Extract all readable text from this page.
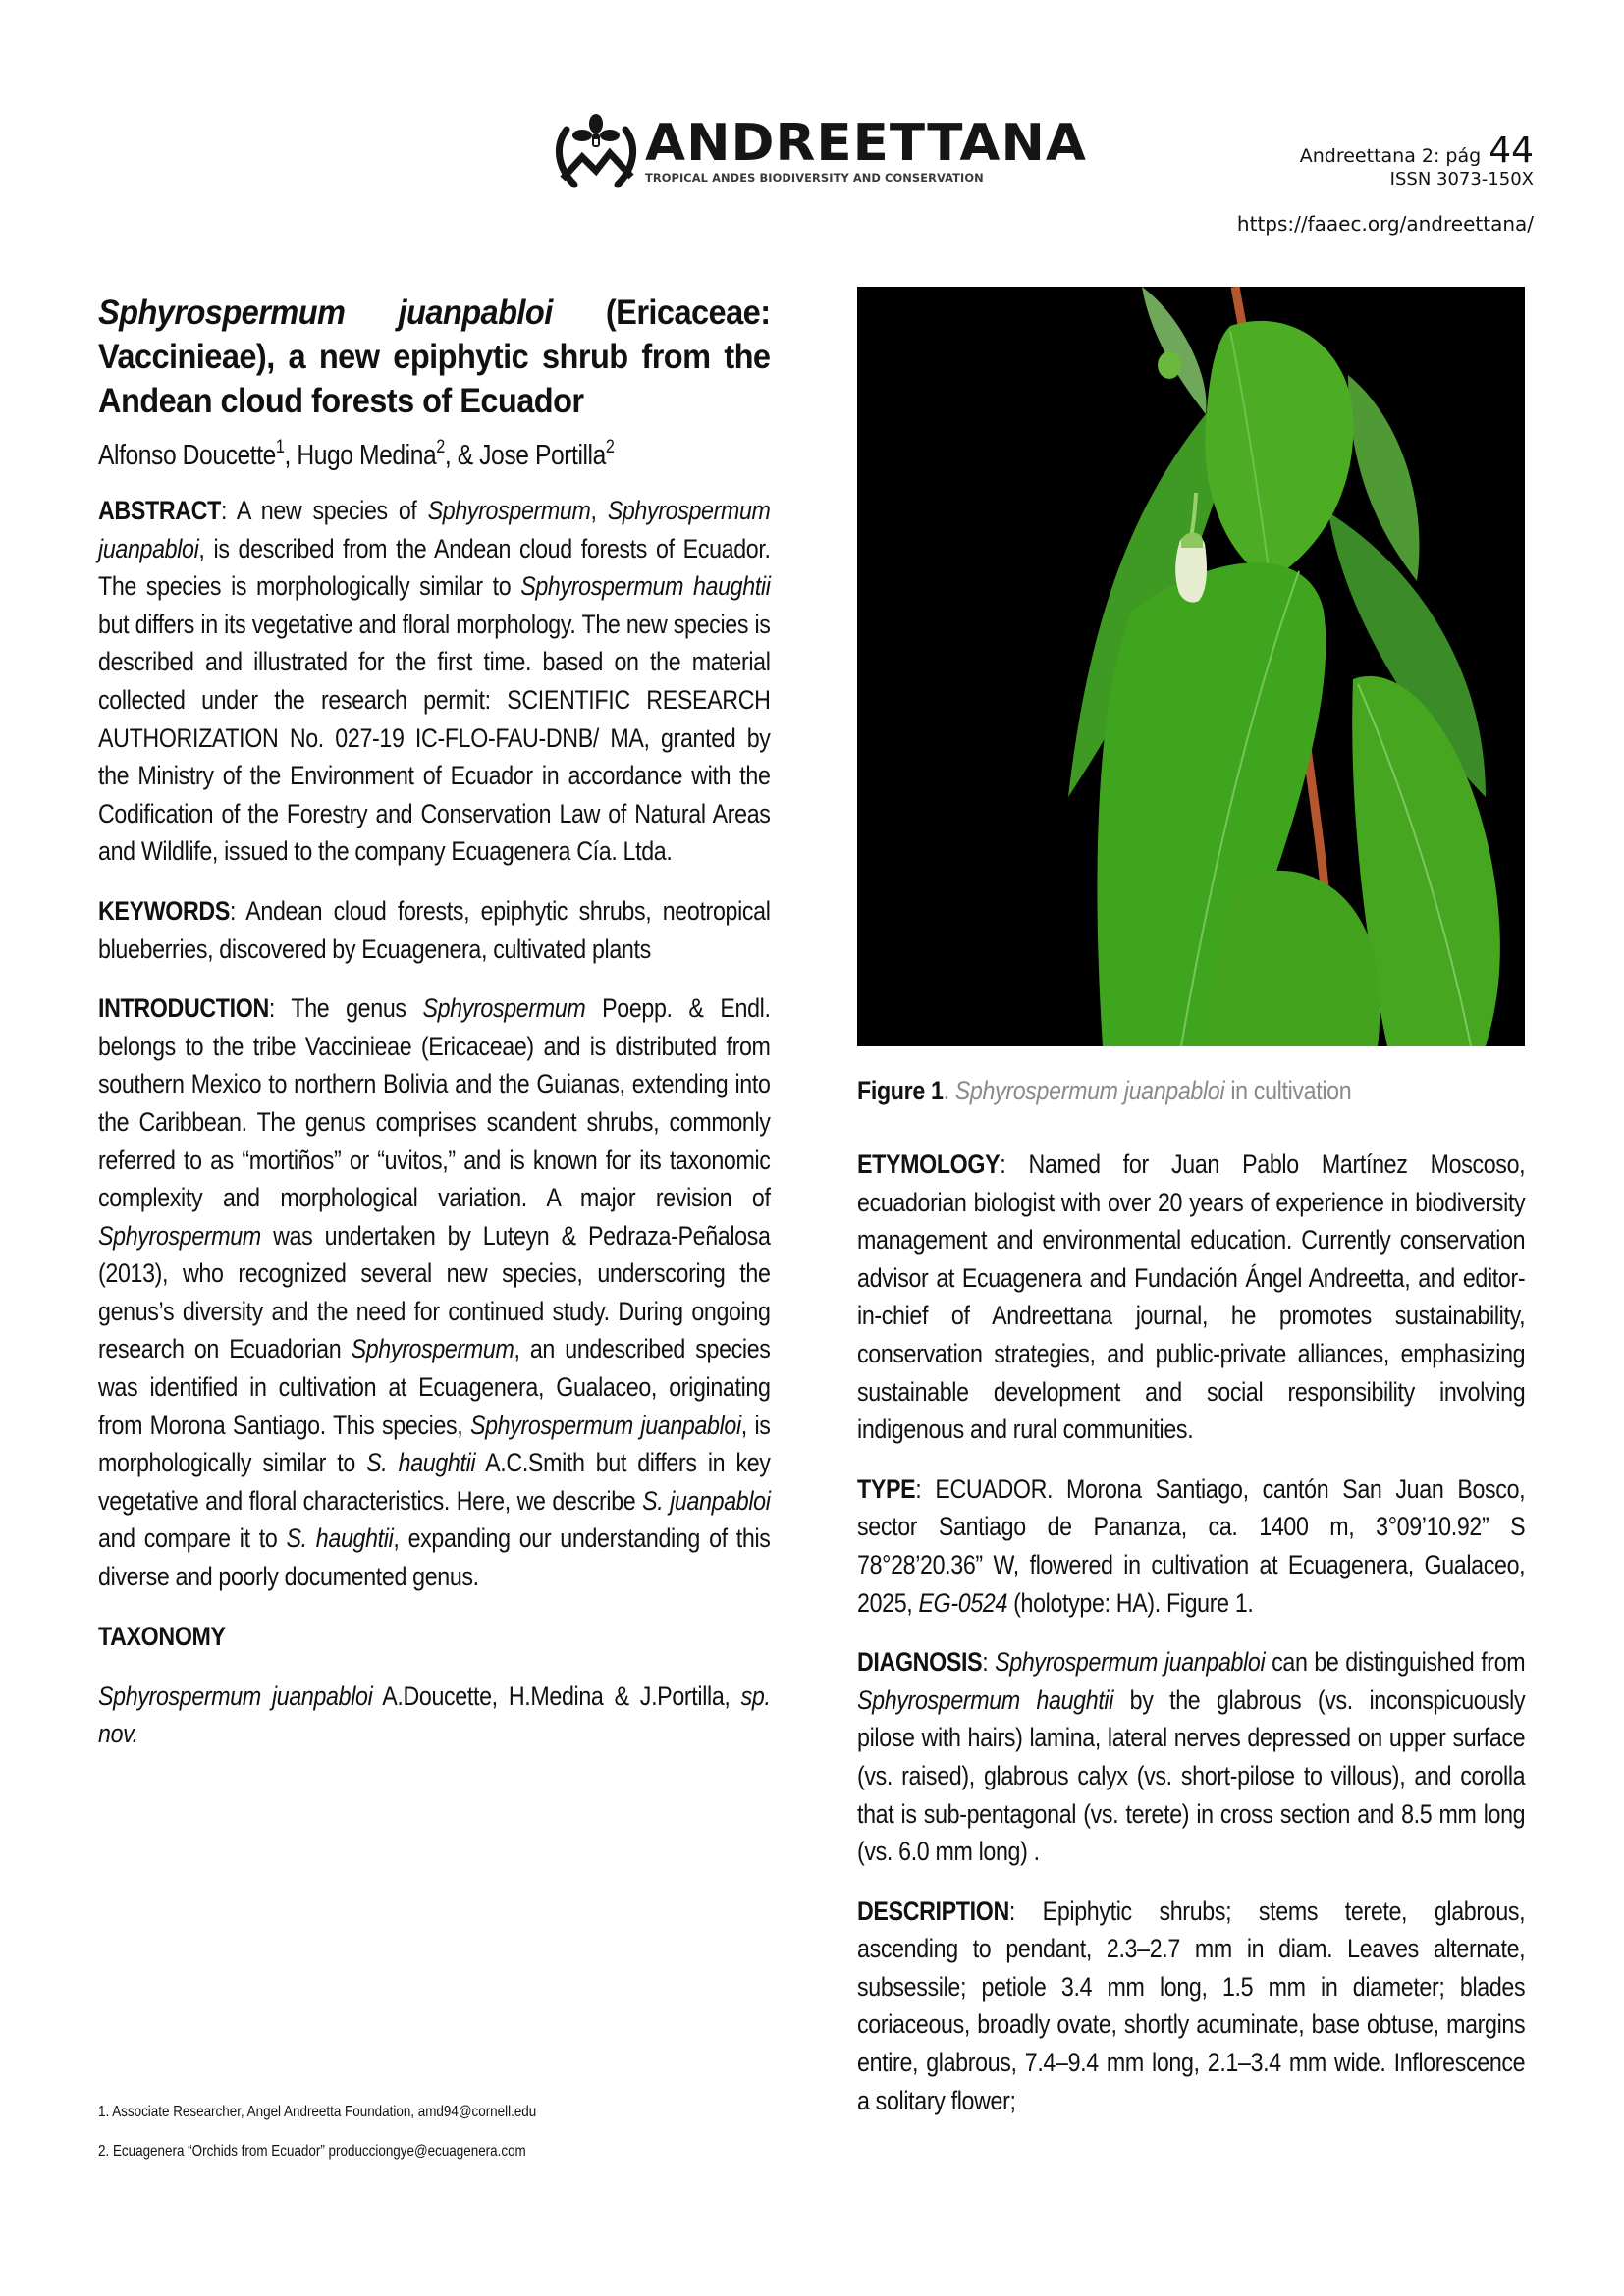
ANDREETTANA
TROPICAL ANDES BIODIVERSITY AND CONSERVATION
Andreettana 2: pág 44
ISSN 3073-150X
https://faaec.org/andreettana/
Sphyrospermum juanpabloi (Ericaceae: Vaccinieae), a new epiphytic shrub from the Andean cloud forests of Ecuador
Alfonso Doucette$^1$, Hugo Medina$^2$, & Jose Portilla$^2$

ABSTRACT: A new species of Sphyrospermum, Sphyrospermum juanpabloi, is described from the Andean cloud forests of Ecuador. The species is morphologically similar to Sphyrospermum haughtii but differs in its vegetative and floral morphology. The new species is described and illustrated for the first time. based on the material collected under the research permit: SCIENTIFIC RESEARCH AUTHORIZATION No. 027-19 IC-FLO-FAU-DNB/ MA, granted by the Ministry of the Environment of Ecuador in accordance with the Codification of the Forestry and Conservation Law of Natural Areas and Wildlife, issued to the company Ecuagenera Cía. Ltda.

KEYWORDS: Andean cloud forests, epiphytic shrubs, neotropical blueberries, discovered by Ecuagenera, cultivated plants

INTRODUCTION: The genus Sphyrospermum Poepp. & Endl. belongs to the tribe Vaccinieae (Ericaceae) and is distributed from southern Mexico to northern Bolivia and the Guianas, extending into the Caribbean. The genus comprises scandent shrubs, commonly referred to as “mortiños” or “uvitos,” and is known for its taxonomic complexity and morphological variation. A major revision of Sphyrospermum was undertaken by Luteyn & Pedraza-Peñalosa (2013), who recognized several new species, underscoring the genus’s diversity and the need for continued study. During ongoing research on Ecuadorian Sphyrospermum, an undescribed species was identified in cultivation at Ecuagenera, Gualaceo, originating from Morona Santiago. This species, Sphyrospermum juanpabloi, is morphologically similar to S. haughtii A.C.Smith but differs in key vegetative and floral characteristics. Here, we describe S. juanpabloi and compare it to S. haughtii, expanding our understanding of this diverse and poorly documented genus.

TAXONOMY

Sphyrospermum juanpabloi A.Doucette, H.Medina & J.Portilla, sp. nov.

1. Associate Researcher, Angel Andreetta Foundation, amd94@cornell.edu
2. Ecuagenera “Orchids from Ecuador” producciongye@ecuagenera.com
Figure 1. Sphyrospermum juanpabloi in cultivation

ETYMOLOGY: Named for Juan Pablo Martínez Moscoso, ecuadorian biologist with over 20 years of experience in biodiversity management and environmental education. Currently conservation advisor at Ecuagenera and Fundación Ángel Andreetta, and editor-in-chief of Andreettana journal, he promotes sustainability, conservation strategies, and public-private alliances, emphasizing sustainable development and social responsibility involving indigenous and rural communities.

TYPE: ECUADOR. Morona Santiago, cantón San Juan Bosco, sector Santiago de Pananza, ca. 1400 m, 3°09’10.92” S 78°28’20.36” W, flowered in cultivation at Ecuagenera, Gualaceo, 2025, EG-0524 (holotype: HA). Figure 1.

DIAGNOSIS: Sphyrospermum juanpabloi can be distinguished from Sphyrospermum haughtii by the glabrous (vs. inconspicuously pilose with hairs) lamina, lateral nerves depressed on upper surface (vs. raised), glabrous calyx (vs. short-pilose to villous), and corolla that is sub-pentagonal (vs. terete) in cross section and 8.5 mm long (vs. 6.0 mm long) .

DESCRIPTION: Epiphytic shrubs; stems terete, glabrous, ascending to pendant, 2.3–2.7 mm in diam. Leaves alternate, subsessile; petiole 3.4 mm long, 1.5 mm in diameter; blades coriaceous, broadly ovate, shortly acuminate, base obtuse, margins entire, glabrous, 7.4–9.4 mm long, 2.1–3.4 mm wide. Inflorescence a solitary flower;
